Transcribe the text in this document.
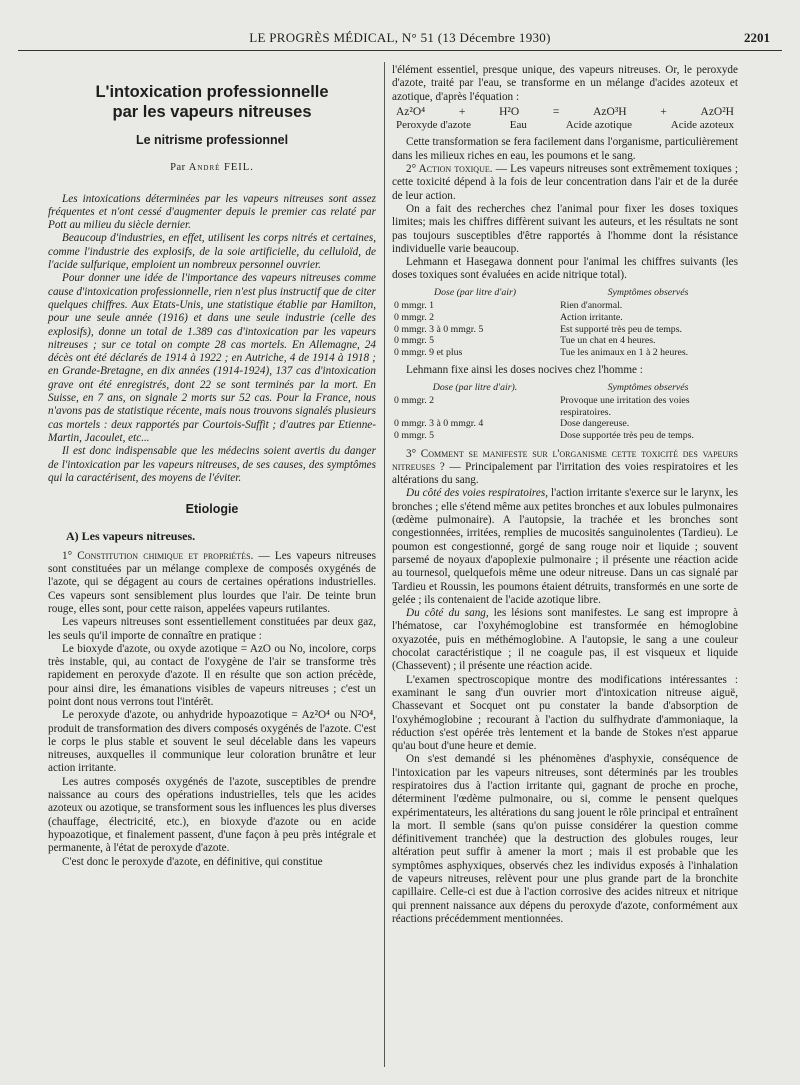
LE PROGRÈS MÉDICAL, N° 51 (13 Décembre 1930)	2201
L'intoxication professionnelle
par les vapeurs nitreuses
Le nitrisme professionnel
Par André FEIL.

Les intoxications déterminées par les vapeurs nitreuses sont assez fréquentes et n'ont cessé d'augmenter depuis le premier cas relaté par Pott au milieu du siècle dernier.

Beaucoup d'industries, en effet, utilisent les corps nitrés et certaines, comme l'industrie des explosifs, de la soie artificielle, du celluloïd, de l'acide sulfurique, emploient un nombreux personnel ouvrier.

Pour donner une idée de l'importance des vapeurs nitreuses comme cause d'intoxication professionnelle, rien n'est plus instructif que de citer quelques chiffres. Aux Etats-Unis, une statistique établie par Hamilton, pour une seule année (1916) et dans une seule industrie (celle des explosifs), donne un total de 1.389 cas d'intoxication par les vapeurs nitreuses ; sur ce total on compte 28 cas mortels. En Allemagne, 24 décès ont été déclarés de 1914 à 1922 ; en Autriche, 4 de 1914 à 1918 ; en Grande-Bretagne, en dix années (1914-1924), 137 cas d'intoxication grave ont été enregistrés, dont 22 se sont terminés par la mort. En Suisse, en 7 ans, on signale 2 morts sur 52 cas. Pour la France, nous n'avons pas de statistique récente, mais nous trouvons signalés plusieurs cas mortels : deux rapportés par Courtois-Suffit ; d'autres par Etienne-Martin, Jacoulet, etc...

Il est donc indispensable que les médecins soient avertis du danger de l'intoxication par les vapeurs nitreuses, de ses causes, des symptômes qui la caractérisent, des moyens de l'éviter.

Etiologie
A) Les vapeurs nitreuses.

1° Constitution chimique et propriétés. — Les vapeurs nitreuses sont constituées par un mélange complexe de composés oxygénés de l'azote, qui se dégagent au cours de certaines opérations industrielles. Ces vapeurs sont sensiblement plus lourdes que l'air. De teinte brun rouge, elles sont, pour cette raison, appelées vapeurs rutilantes.

Les vapeurs nitreuses sont essentiellement constituées par deux gaz, les seuls qu'il importe de connaître en pratique :

Le bioxyde d'azote, ou oxyde azotique = AzO ou No, incolore, corps très instable, qui, au contact de l'oxygène de l'air se transforme très rapidement en peroxyde d'azote. Il en résulte que son action précède, pour ainsi dire, les émanations visibles de vapeurs nitreuses ; c'est un point dont nous verrons tout l'intérêt.

Le peroxyde d'azote, ou anhydride hypoazotique = Az²O⁴ ou N²O⁴, produit de transformation des divers composés oxygénés de l'azote. C'est le corps le plus stable et souvent le seul décelable dans les vapeurs nitreuses, auxquelles il communique leur coloration brunâtre et leur action irritante.

Les autres composés oxygénés de l'azote, susceptibles de prendre naissance au cours des opérations industrielles, tels que les acides azoteux ou azotique, se transforment sous les influences les plus diverses (chauffage, électricité, etc.), en bioxyde d'azote ou en acide hypoazotique, et finalement passent, d'une façon à peu près intégrale et permanente, à l'état de peroxyde d'azote.

C'est donc le peroxyde d'azote, en définitive, qui constitue

l'élément essentiel, presque unique, des vapeurs nitreuses. Or, le peroxyde d'azote, traité par l'eau, se transforme en un mélange d'acides azoteux et azotique, d'après l'équation :

Az²O⁴	+	H²O	=	AzO³H	+	AzO²H
Peroxyde d'azote	Eau	Acide azotique	Acide azoteux

Cette transformation se fera facilement dans l'organisme, particulièrement dans les milieux riches en eau, les poumons et le sang.

2° Action toxique. — Les vapeurs nitreuses sont extrêmement toxiques ; cette toxicité dépend à la fois de leur concentration dans l'air et de la durée de leur action.

On a fait des recherches chez l'animal pour fixer les doses toxiques limites; mais les chiffres diffèrent suivant les auteurs, et les résultats ne sont pas toujours susceptibles d'être rapportés à l'homme dont la résistance individuelle varie beaucoup.

Lehmann et Hasegawa donnent pour l'animal les chiffres suivants (les doses toxiques sont évaluées en acide nitrique total).

Dose (par litre d'air)	Symptômes observés
0 mmgr. 1	Rien d'anormal.
0 mmgr. 2	Action irritante.
0 mmgr. 3 à 0 mmgr. 5	Est supporté très peu de temps.
0 mmgr. 5	Tue un chat en 4 heures.
0 mmgr. 9 et plus	Tue les animaux en 1 à 2 heures.

Lehmann fixe ainsi les doses nocives chez l'homme :

Dose (par litre d'air).	Symptômes observés
0 mmgr. 2	Provoque une irritation des voies respiratoires.
0 mmgr. 3 à 0 mmgr. 4	Dose dangereuse.
0 mmgr. 5	Dose supportée très peu de temps.

3° Comment se manifeste sur l'organisme cette toxicité des vapeurs nitreuses ? — Principalement par l'irritation des voies respiratoires et les altérations du sang.

Du côté des voies respiratoires, l'action irritante s'exerce sur le larynx, les bronches ; elle s'étend même aux petites bronches et aux lobules pulmonaires (œdème pulmonaire). A l'autopsie, la trachée et les bronches sont congestionnées, irritées, remplies de mucosités sanguinolentes (Tardieu). Le poumon est congestionné, gorgé de sang rouge noir et liquide ; souvent parsemé de noyaux d'apoplexie pulmonaire ; il présente une réaction acide au tournesol, quelquefois même une odeur nitreuse. Dans un cas signalé par Tardieu et Roussin, les poumons étaient détruits, transformés en une sorte de gelée ; ils contenaient de l'acide azotique libre.

Du côté du sang, les lésions sont manifestes. Le sang est impropre à l'hématose, car l'oxyhémoglobine est transformée en hémoglobine oxyazotée, puis en méthémoglobine. A l'autopsie, le sang a une couleur chocolat caractéristique ; il ne coagule pas, il est visqueux et liquide (Chassevent) ; il présente une réaction acide.

L'examen spectroscopique montre des modifications intéressantes : examinant le sang d'un ouvrier mort d'intoxication nitreuse aiguë, Chassevant et Socquet ont pu constater la bande d'absorption de l'oxyhémoglobine ; recourant à l'action du sulfhydrate d'ammoniaque, la réduction s'est opérée très lentement et la bande de Stokes n'est apparue qu'au bout d'une heure et demie.

On s'est demandé si les phénomènes d'asphyxie, conséquence de l'intoxication par les vapeurs nitreuses, sont déterminés par les troubles respiratoires dus à l'action irritante qui, gagnant de proche en proche, déterminent l'œdème pulmonaire, ou si, comme le pensent quelques expérimentateurs, les altérations du sang jouent le rôle principal et entraînent la mort. Il semble (sans qu'on puisse considérer la question comme définitivement tranchée) que la destruction des globules rouges, leur altération peut suffir à amener la mort ; mais il est probable que les symptômes asphyxiques, observés chez les individus exposés à l'inhalation de vapeurs nitreuses, relèvent pour une plus grande part de la bronchite capillaire. Celle-ci est due à l'action corrosive des acides nitreux et nitrique qui prennent naissance aux dépens du peroxyde d'azote, conformément aux réactions précédemment mentionnées.
